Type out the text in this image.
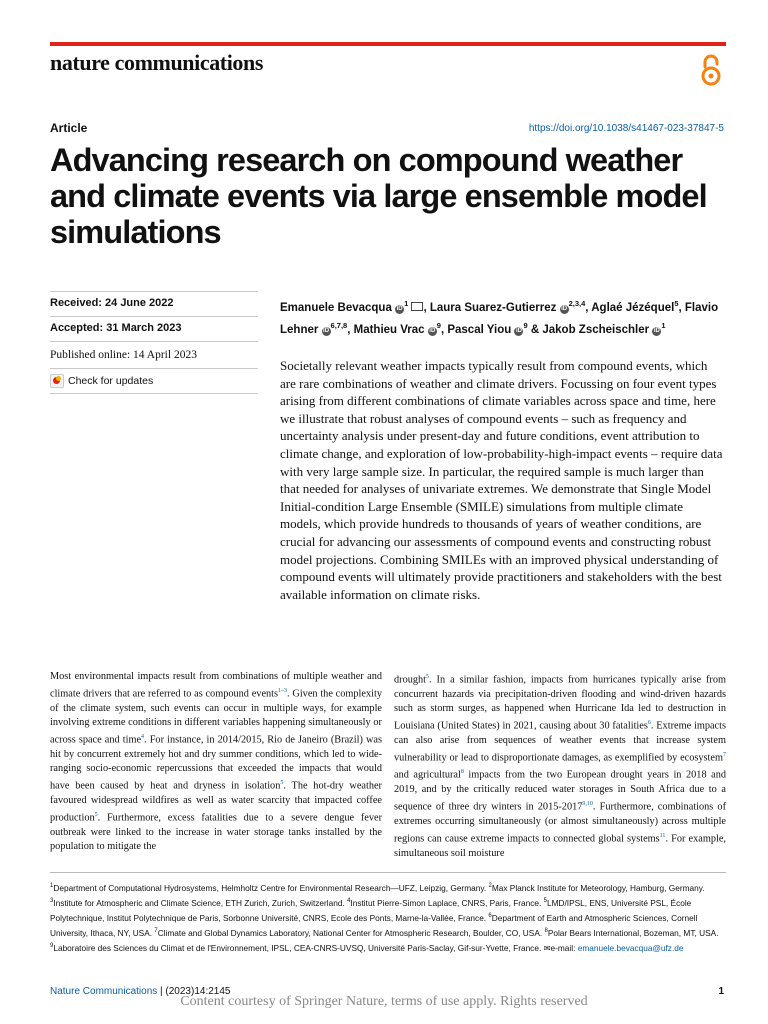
nature communications
Article	https://doi.org/10.1038/s41467-023-37847-5
Advancing research on compound weather and climate events via large ensemble model simulations
Received: 24 June 2022
Accepted: 31 March 2023
Published online: 14 April 2023
Check for updates
Emanuele Bevacqua $iD^1$ , Laura Suarez-Gutierrez iD$^{2,3,4}$, Aglaé Jézéquel$^5$, Flavio Lehner iD$^{6,7,8}$, Mathieu Vrac $iD^9$, Pascal Yiou $iD^9$ & Jakob Zscheischler $iD^1$

Societally relevant weather impacts typically result from compound events, which are rare combinations of weather and climate drivers. Focussing on four event types arising from different combinations of climate variables across space and time, here we illustrate that robust analyses of compound events – such as frequency and uncertainty analysis under present-day and future conditions, event attribution to climate change, and exploration of low-probability-high-impact events – require data with very large sample size. In particular, the required sample is much larger than that needed for analyses of univariate extremes. We demonstrate that Single Model Initial-condition Large Ensemble (SMILE) simulations from multiple climate models, which provide hundreds to thousands of years of weather conditions, are crucial for advancing our assessments of compound events and constructing robust model projections. Combining SMILEs with an improved physical understanding of compound events will ultimately provide practitioners and stakeholders with the best available information on climate risks.

Most environmental impacts result from combinations of multiple weather and climate drivers that are referred to as compound events$^{1-3}$. Given the complexity of the climate system, such events can occur in multiple ways, for example involving extreme conditions in different variables happening simultaneously or across space and time$^4$. For instance, in 2014/2015, Rio de Janeiro (Brazil) was hit by concurrent extremely hot and dry summer conditions, which led to wide-ranging socio-economic repercussions that exceeded the impacts that would have been caused by heat and dryness in isolation$^5$. The hot-dry weather favoured widespread wildfires as well as water scarcity that impacted coffee production$^5$. Furthermore, excess fatalities due to a severe dengue fever outbreak were linked to the increase in water storage tanks installed by the population to mitigate the

drought$^5$. In a similar fashion, impacts from hurricanes typically arise from concurrent hazards via precipitation-driven flooding and wind-driven hazards such as storm surges, as happened when Hurricane Ida led to destruction in Louisiana (United States) in 2021, causing about 30 fatalities$^6$. Extreme impacts can also arise from sequences of weather events that increase system vulnerability or lead to disproportionate damages, as exemplified by ecosystem$^7$ and agricultural$^8$ impacts from the two European drought years in 2018 and 2019, and by the critically reduced water storages in South Africa due to a sequence of three dry winters in 2015-2017$^{9,10}$. Furthermore, combinations of extremes occurring simultaneously (or almost simultaneously) across multiple regions can cause extreme impacts to connected global systems$^{11}$. For example, simultaneous soil moisture

$^1$Department of Computational Hydrosystems, Helmholtz Centre for Environmental Research—UFZ, Leipzig, Germany. $^2$Max Planck Institute for Meteorology, Hamburg, Germany. $^3$Institute for Atmospheric and Climate Science, ETH Zurich, Zurich, Switzerland. $^4$Institut Pierre-Simon Laplace, CNRS, Paris, France. $^5$LMD/IPSL, ENS, Université PSL, École Polytechnique, Institut Polytechnique de Paris, Sorbonne Université, CNRS, Ecole des Ponts, Marne-la-Vallée, France. $^6$Department of Earth and Atmospheric Sciences, Cornell University, Ithaca, NY, USA. $^7$Climate and Global Dynamics Laboratory, National Center for Atmospheric Research, Boulder, CO, USA. $^8$Polar Bears International, Bozeman, MT, USA. $^9$Laboratoire des Sciences du Climat et de l'Environnement, IPSL, CEA-CNRS-UVSQ, Université Paris-Saclay, Gif-sur-Yvette, France. ✉e-mail: emanuele.bevacqua@ufz.de

Nature Communications | (2023)14:2145	1
Content courtesy of Springer Nature, terms of use apply. Rights reserved
